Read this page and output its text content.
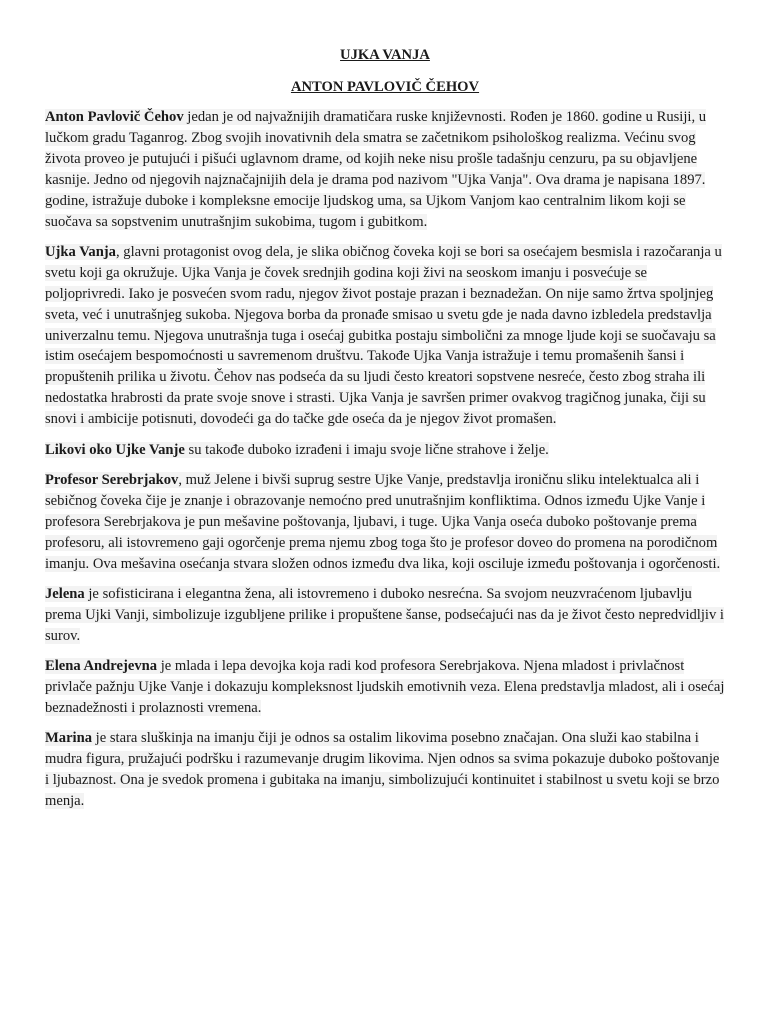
UJKA VANJA

ANTON PAVLOVIČ ČEHOV

Anton Pavlovič Čehov jedan je od najvažnijih dramatičara ruske književnosti. Rođen je 1860. godine u Rusiji, u lučkom gradu Taganrog. Zbog svojih inovativnih dela smatra se začetnikom psihološkog realizma. Većinu svog života proveo je putujući i pišući uglavnom drame, od kojih neke nisu prošle tadašnju cenzuru, pa su objavljene kasnije. Jedno od njegovih najznačajnijih dela je drama pod nazivom "Ujka Vanja". Ova drama je napisana 1897. godine, istražuje duboke i kompleksne emocije ljudskog uma, sa Ujkom Vanjom kao centralnim likom koji se suočava sa sopstvenim unutrašnjim sukobima, tugom i gubitkom.

Ujka Vanja, glavni protagonist ovog dela, je slika običnog čoveka koji se bori sa osećajem besmisla i razočaranja u svetu koji ga okružuje. Ujka Vanja je čovek srednjih godina koji živi na seoskom imanju i posvećuje se poljoprivredi. Iako je posvećen svom radu, njegov život postaje prazan i beznadežan. On nije samo žrtva spoljnjeg sveta, već i unutrašnjeg sukoba. Njegova borba da pronađe smisao u svetu gde je nada davno izbledela predstavlja univerzalnu temu. Njegova unutrašnja tuga i osećaj gubitka postaju simbolični za mnoge ljude koji se suočavaju sa istim osećajem bespomoćnosti u savremenom društvu. Takođe Ujka Vanja istražuje i temu promašenih šansi i propuštenih prilika u životu. Čehov nas podseća da su ljudi često kreatori sopstvene nesreće, često zbog straha ili nedostatka hrabrosti da prate svoje snove i strasti. Ujka Vanja je savršen primer ovakvog tragičnog junaka, čiji su snovi i ambicije potisnuti, dovodeći ga do tačke gde oseća da je njegov život promašen.

Likovi oko Ujke Vanje su takođe duboko izrađeni i imaju svoje lične strahove i želje.

Profesor Serebrjakov, muž Jelene i bivši suprug sestre Ujke Vanje, predstavlja ironičnu sliku intelektualca ali i sebičnog čoveka čije je znanje i obrazovanje nemoćno pred unutrašnjim konfliktima. Odnos između Ujke Vanje i profesora Serebrjakova je pun mešavine poštovanja, ljubavi, i tuge. Ujka Vanja oseća duboko poštovanje prema profesoru, ali istovremeno gaji ogorčenje prema njemu zbog toga što je profesor doveo do promena na porodičnom imanju. Ova mešavina osećanja stvara složen odnos između dva lika, koji osciluje između poštovanja i ogorčenosti.

Jelena je sofisticirana i elegantna žena, ali istovremeno i duboko nesrećna. Sa svojom neuzvraćenom ljubavlju prema Ujki Vanji, simbolizuje izgubljene prilike i propuštene šanse, podsećajući nas da je život često nepredvidljiv i surov.

Elena Andrejevna je mlada i lepa devojka koja radi kod profesora Serebrjakova. Njena mladost i privlačnost privlače pažnju Ujke Vanje i dokazuju kompleksnost ljudskih emotivnih veza. Elena predstavlja mladost, ali i osećaj beznadežnosti i prolaznosti vremena.

Marina je stara sluškinja na imanju čiji je odnos sa ostalim likovima posebno značajan. Ona služi kao stabilna i mudra figura, pružajući podršku i razumevanje drugim likovima. Njen odnos sa svima pokazuje duboko poštovanje i ljubaznost. Ona je svedok promena i gubitaka na imanju, simbolizujući kontinuitet i stabilnost u svetu koji se brzo menja.
